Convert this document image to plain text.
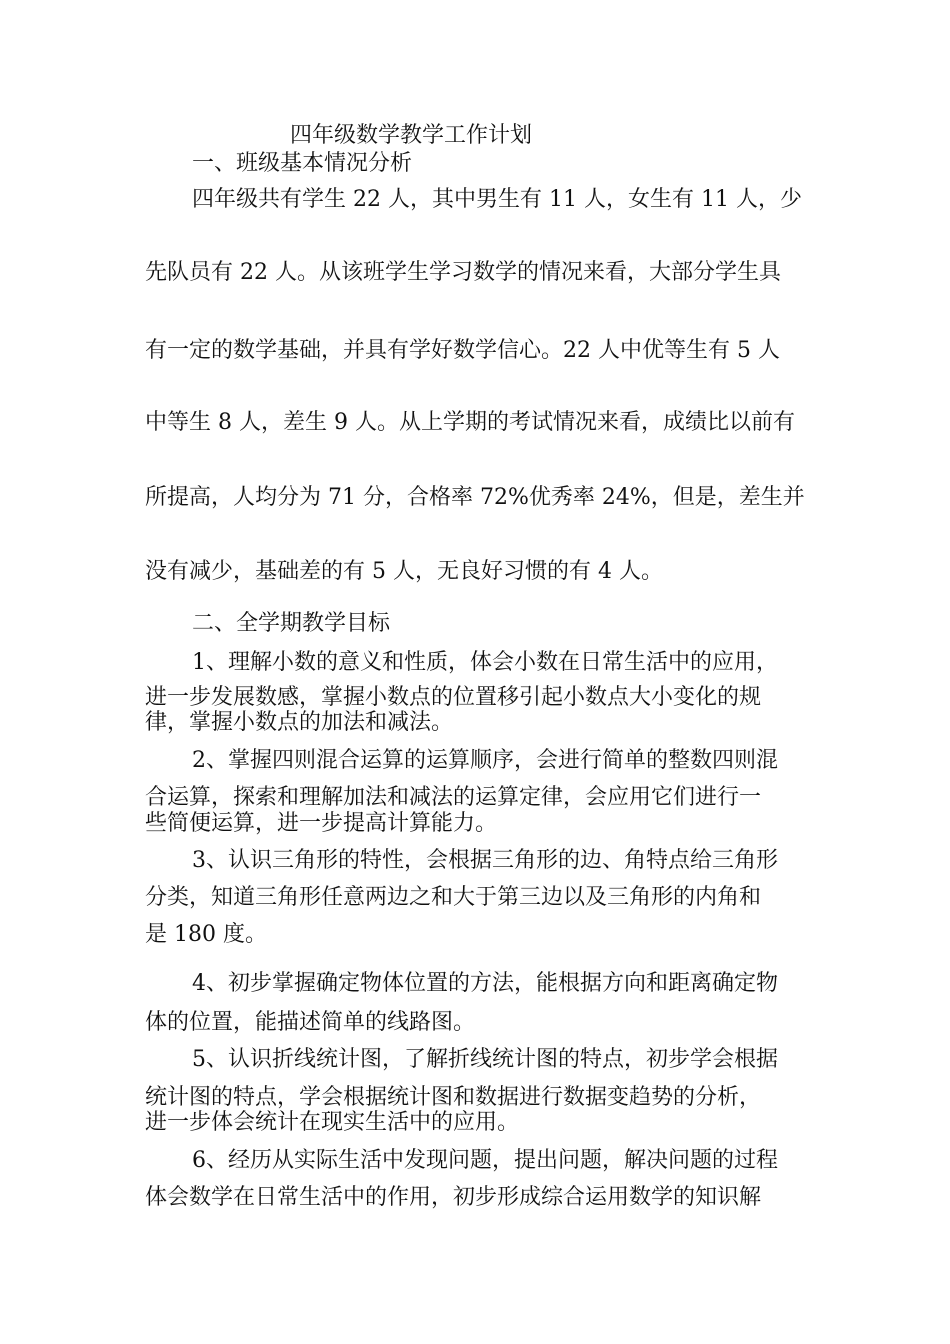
四年级数学教学工作计划
一、班级基本情况分析
四年级共有学生 22 人，其中男生有 11 人，女生有 11 人，少
先队员有 22 人。从该班学生学习数学的情况来看，大部分学生具
有一定的数学基础，并具有学好数学信心。22 人中优等生有 5 人
中等生 8 人，差生 9 人。从上学期的考试情况来看，成绩比以前有
所提高，人均分为 71 分，合格率 72%优秀率 24%，但是，差生并
没有减少，基础差的有 5 人，无良好习惯的有 4 人。
二、全学期教学目标
1、理解小数的意义和性质，体会小数在日常生活中的应用，
进一步发展数感，掌握小数点的位置移引起小数点大小变化的规
律，掌握小数点的加法和减法。
2、掌握四则混合运算的运算顺序，会进行简单的整数四则混
合运算，探索和理解加法和减法的运算定律，会应用它们进行一
些简便运算，进一步提高计算能力。
3、认识三角形的特性，会根据三角形的边、角特点给三角形
分类，知道三角形任意两边之和大于第三边以及三角形的内角和
是 180 度。
4、初步掌握确定物体位置的方法，能根据方向和距离确定物
体的位置，能描述简单的线路图。
5、认识折线统计图，了解折线统计图的特点，初步学会根据
统计图的特点，学会根据统计图和数据进行数据变趋势的分析，
进一步体会统计在现实生活中的应用。
6、经历从实际生活中发现问题，提出问题，解决问题的过程
体会数学在日常生活中的作用，初步形成综合运用数学的知识解
